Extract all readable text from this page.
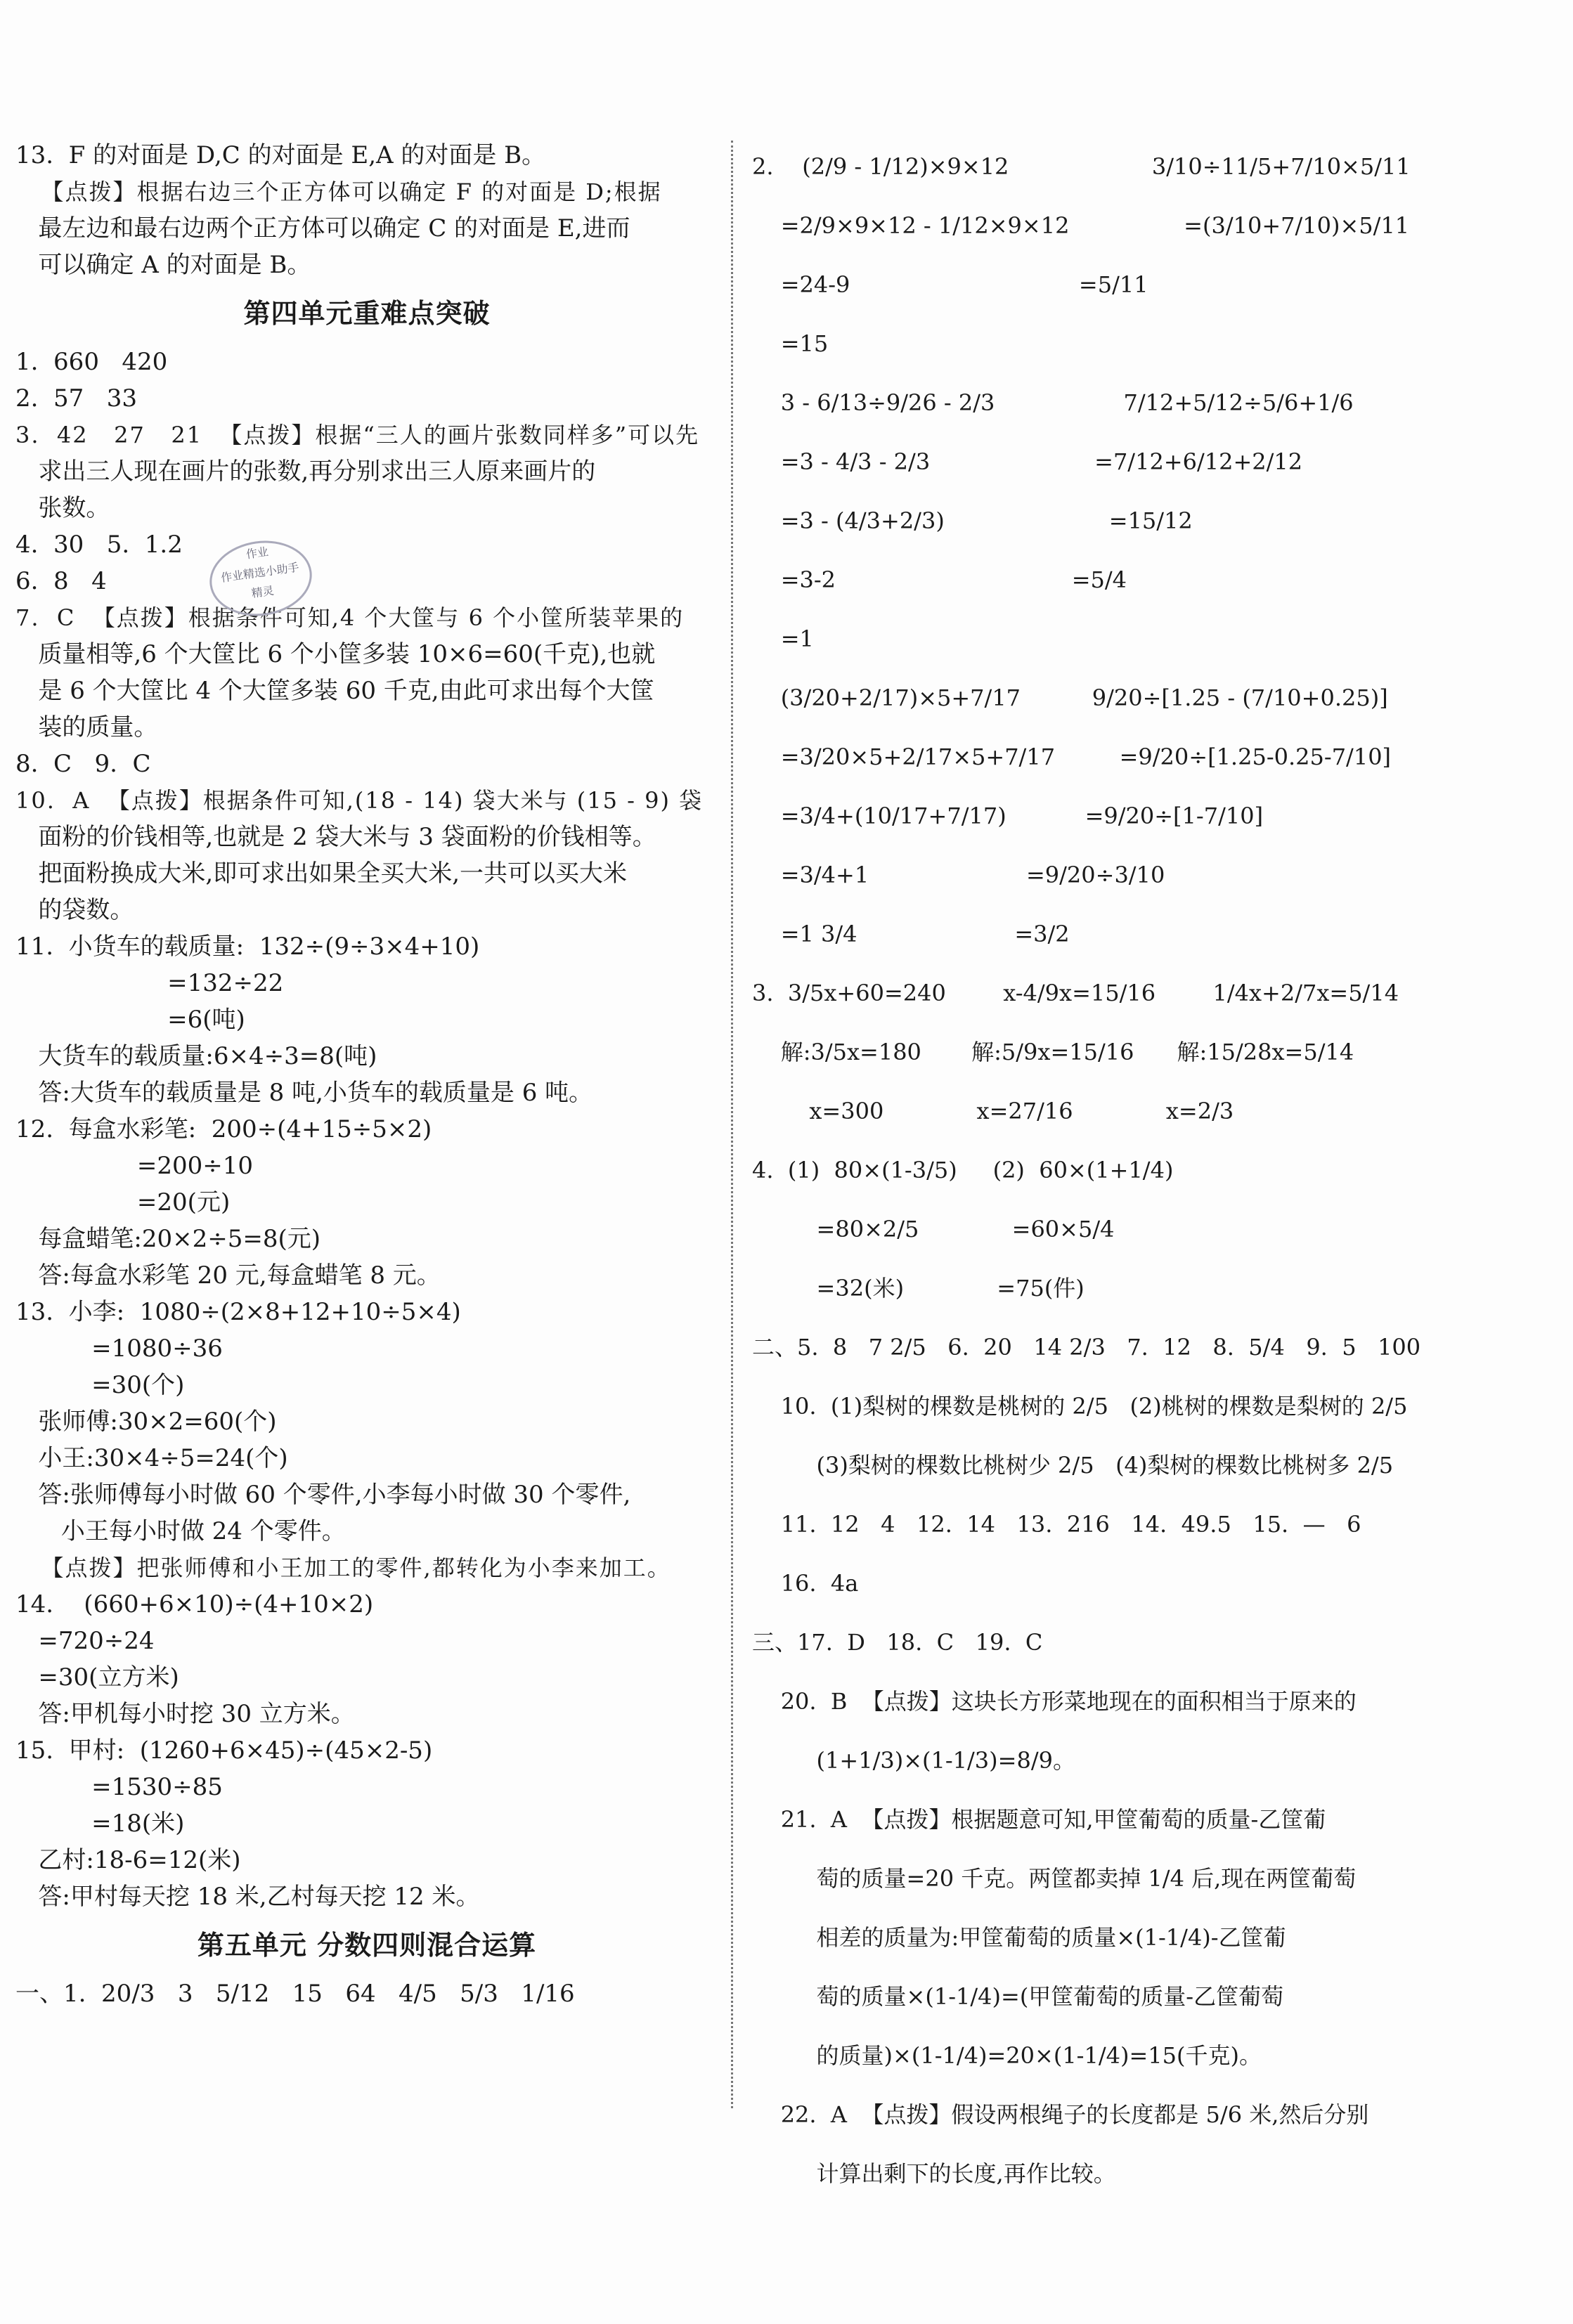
13.  F 的对面是 D,C 的对面是 E,A 的对面是 B。
【点拨】根据右边三个正方体可以确定 F 的对面是 D;根据
最左边和最右边两个正方体可以确定 C 的对面是 E,进而
可以确定 A 的对面是 B。
第四单元重难点突破
1.  660   420
2.  57   33
3.  42   27   21  【点拨】根据“三人的画片张数同样多”可以先
求出三人现在画片的张数,再分别求出三人原来画片的
张数。
4.  30   5.  1.2
6.  8   4
7.  C  【点拨】根据条件可知,4 个大筐与 6 个小筐所装苹果的
质量相等,6 个大筐比 6 个小筐多装 10×6=60(千克),也就
是 6 个大筐比 4 个大筐多装 60 千克,由此可求出每个大筐
装的质量。
8.  C   9.  C
10.  A  【点拨】根据条件可知,(18 - 14) 袋大米与 (15 - 9) 袋
面粉的价钱相等,也就是 2 袋大米与 3 袋面粉的价钱相等。
把面粉换成大米,即可求出如果全买大米,一共可以买大米
的袋数。
11.  小货车的载质量:  132÷(9÷3×4+10)
=132÷22
=6(吨)
大货车的载质量:6×4÷3=8(吨)
答:大货车的载质量是 8 吨,小货车的载质量是 6 吨。
12.  每盒水彩笔:  200÷(4+15÷5×2)
=200÷10
=20(元)
每盒蜡笔:20×2÷5=8(元)
答:每盒水彩笔 20 元,每盒蜡笔 8 元。
13.  小李:  1080÷(2×8+12+10÷5×4)
=1080÷36
=30(个)
张师傅:30×2=60(个)
小王:30×4÷5=24(个)
答:张师傅每小时做 60 个零件,小李每小时做 30 个零件,
小王每小时做 24 个零件。
【点拨】把张师傅和小王加工的零件,都转化为小李来加工。
14.    (660+6×10)÷(4+10×2)
=720÷24
=30(立方米)
答:甲机每小时挖 30 立方米。
15.  甲村:  (1260+6×45)÷(45×2-5)
=1530÷85
=18(米)
乙村:18-6=12(米)
答:甲村每天挖 18 米,乙村每天挖 12 米。
第五单元 分数四则混合运算
一、1.  20/3   3   5/12   15   64   4/5   5/3   1/16
作业
作业精选小助手
精灵
2.    (2/9 - 1/12)×9×12                    3/10÷11/5+7/10×5/11
=2/9×9×12 - 1/12×9×12                =(3/10+7/10)×5/11
=24-9                                =5/11
=15
3 - 6/13÷9/26 - 2/3                  7/12+5/12÷5/6+1/6
=3 - 4/3 - 2/3                       =7/12+6/12+2/12
=3 - (4/3+2/3)                       =15/12
=3-2                                 =5/4
=1
(3/20+2/17)×5+7/17          9/20÷[1.25 - (7/10+0.25)]
=3/20×5+2/17×5+7/17         =9/20÷[1.25-0.25-7/10]
=3/4+(10/17+7/17)           =9/20÷[1-7/10]
=3/4+1                      =9/20÷3/10
=1 3/4                      =3/2
3.  3/5x+60=240        x-4/9x=15/16        1/4x+2/7x=5/14
解:3/5x=180       解:5/9x=15/16      解:15/28x=5/14
x=300             x=27/16             x=2/3
4.  (1)  80×(1-3/5)     (2)  60×(1+1/4)
=80×2/5             =60×5/4
=32(米)             =75(件)
二、5.  8   7 2/5   6.  20   14 2/3   7.  12   8.  5/4   9.  5   100
10.  (1)梨树的棵数是桃树的 2/5   (2)桃树的棵数是梨树的 2/5
(3)梨树的棵数比桃树少 2/5   (4)梨树的棵数比桃树多 2/5
11.  12   4   12.  14   13.  216   14.  49.5   15.  —   6
16.  4a
三、17.  D   18.  C   19.  C
20.  B  【点拨】这块长方形菜地现在的面积相当于原来的
(1+1/3)×(1-1/3)=8/9。
21.  A  【点拨】根据题意可知,甲筐葡萄的质量-乙筐葡
萄的质量=20 千克。两筐都卖掉 1/4 后,现在两筐葡萄
相差的质量为:甲筐葡萄的质量×(1-1/4)-乙筐葡
萄的质量×(1-1/4)=(甲筐葡萄的质量-乙筐葡萄
的质量)×(1-1/4)=20×(1-1/4)=15(千克)。
22.  A  【点拨】假设两根绳子的长度都是 5/6 米,然后分别
计算出剩下的长度,再作比较。
